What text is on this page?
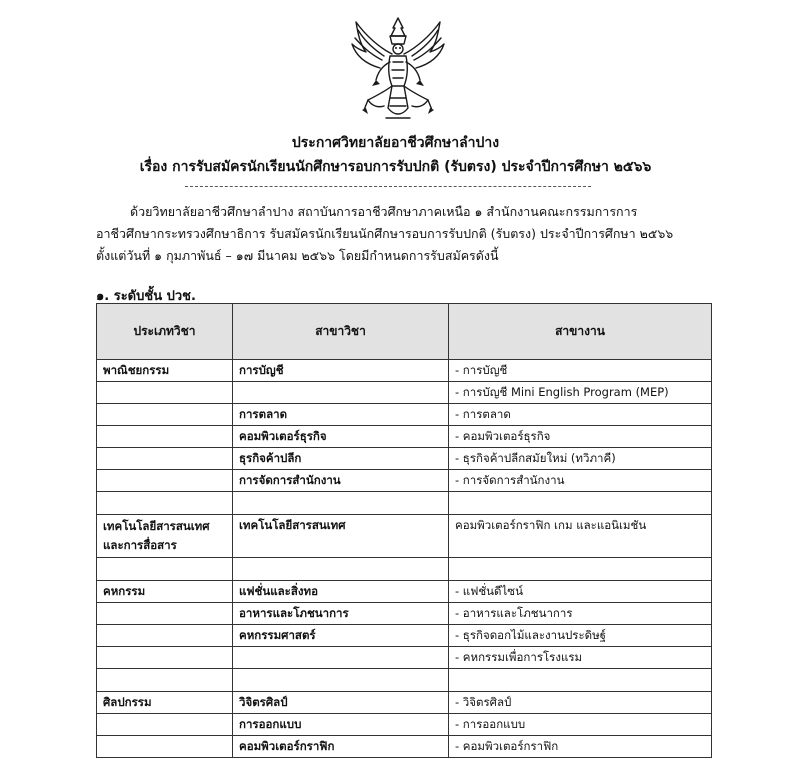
ประกาศวิทยาลัยอาชีวศึกษาลำปาง
เรื่อง การรับสมัครนักเรียนนักศึกษารอบการรับปกติ (รับตรง) ประจำปีการศึกษา ๒๕๖๖
ด้วยวิทยาลัยอาชีวศึกษาลำปาง สถาบันการอาชีวศึกษาภาคเหนือ ๑ สำนักงานคณะกรรมการการ
อาชีวศึกษากระทรวงศึกษาธิการ รับสมัครนักเรียนนักศึกษารอบการรับปกติ (รับตรง) ประจำปีการศึกษา ๒๕๖๖
ตั้งแต่วันที่ ๑ กุมภาพันธ์ – ๑๗ มีนาคม ๒๕๖๖ โดยมีกำหนดการรับสมัครดังนี้
๑. ระดับชั้น ปวช.
ประเภทวิชา	สาขาวิชา	สาขางาน
พาณิชยกรรม	การบัญชี	- การบัญชี
		- การบัญชี Mini English Program (MEP)
	การตลาด	- การตลาด
	คอมพิวเตอร์ธุรกิจ	- คอมพิวเตอร์ธุรกิจ
	ธุรกิจค้าปลีก	- ธุรกิจค้าปลีกสมัยใหม่ (ทวิภาคี)
	การจัดการสำนักงาน	- การจัดการสำนักงาน

เทคโนโลยีสารสนเทศและการสื่อสาร	เทคโนโลยีสารสนเทศ	คอมพิวเตอร์กราฟิก เกม และแอนิเมชัน

คหกรรม	แฟชั่นและสิ่งทอ	- แฟชั่นดีไซน์
	อาหารและโภชนาการ	- อาหารและโภชนาการ
	คหกรรมศาสตร์	- ธุรกิจดอกไม้และงานประดิษฐ์
		- คหกรรมเพื่อการโรงแรม

ศิลปกรรม	วิจิตรศิลป์	- วิจิตรศิลป์
	การออกแบบ	- การออกแบบ
	คอมพิวเตอร์กราฟิก	- คอมพิวเตอร์กราฟิก
